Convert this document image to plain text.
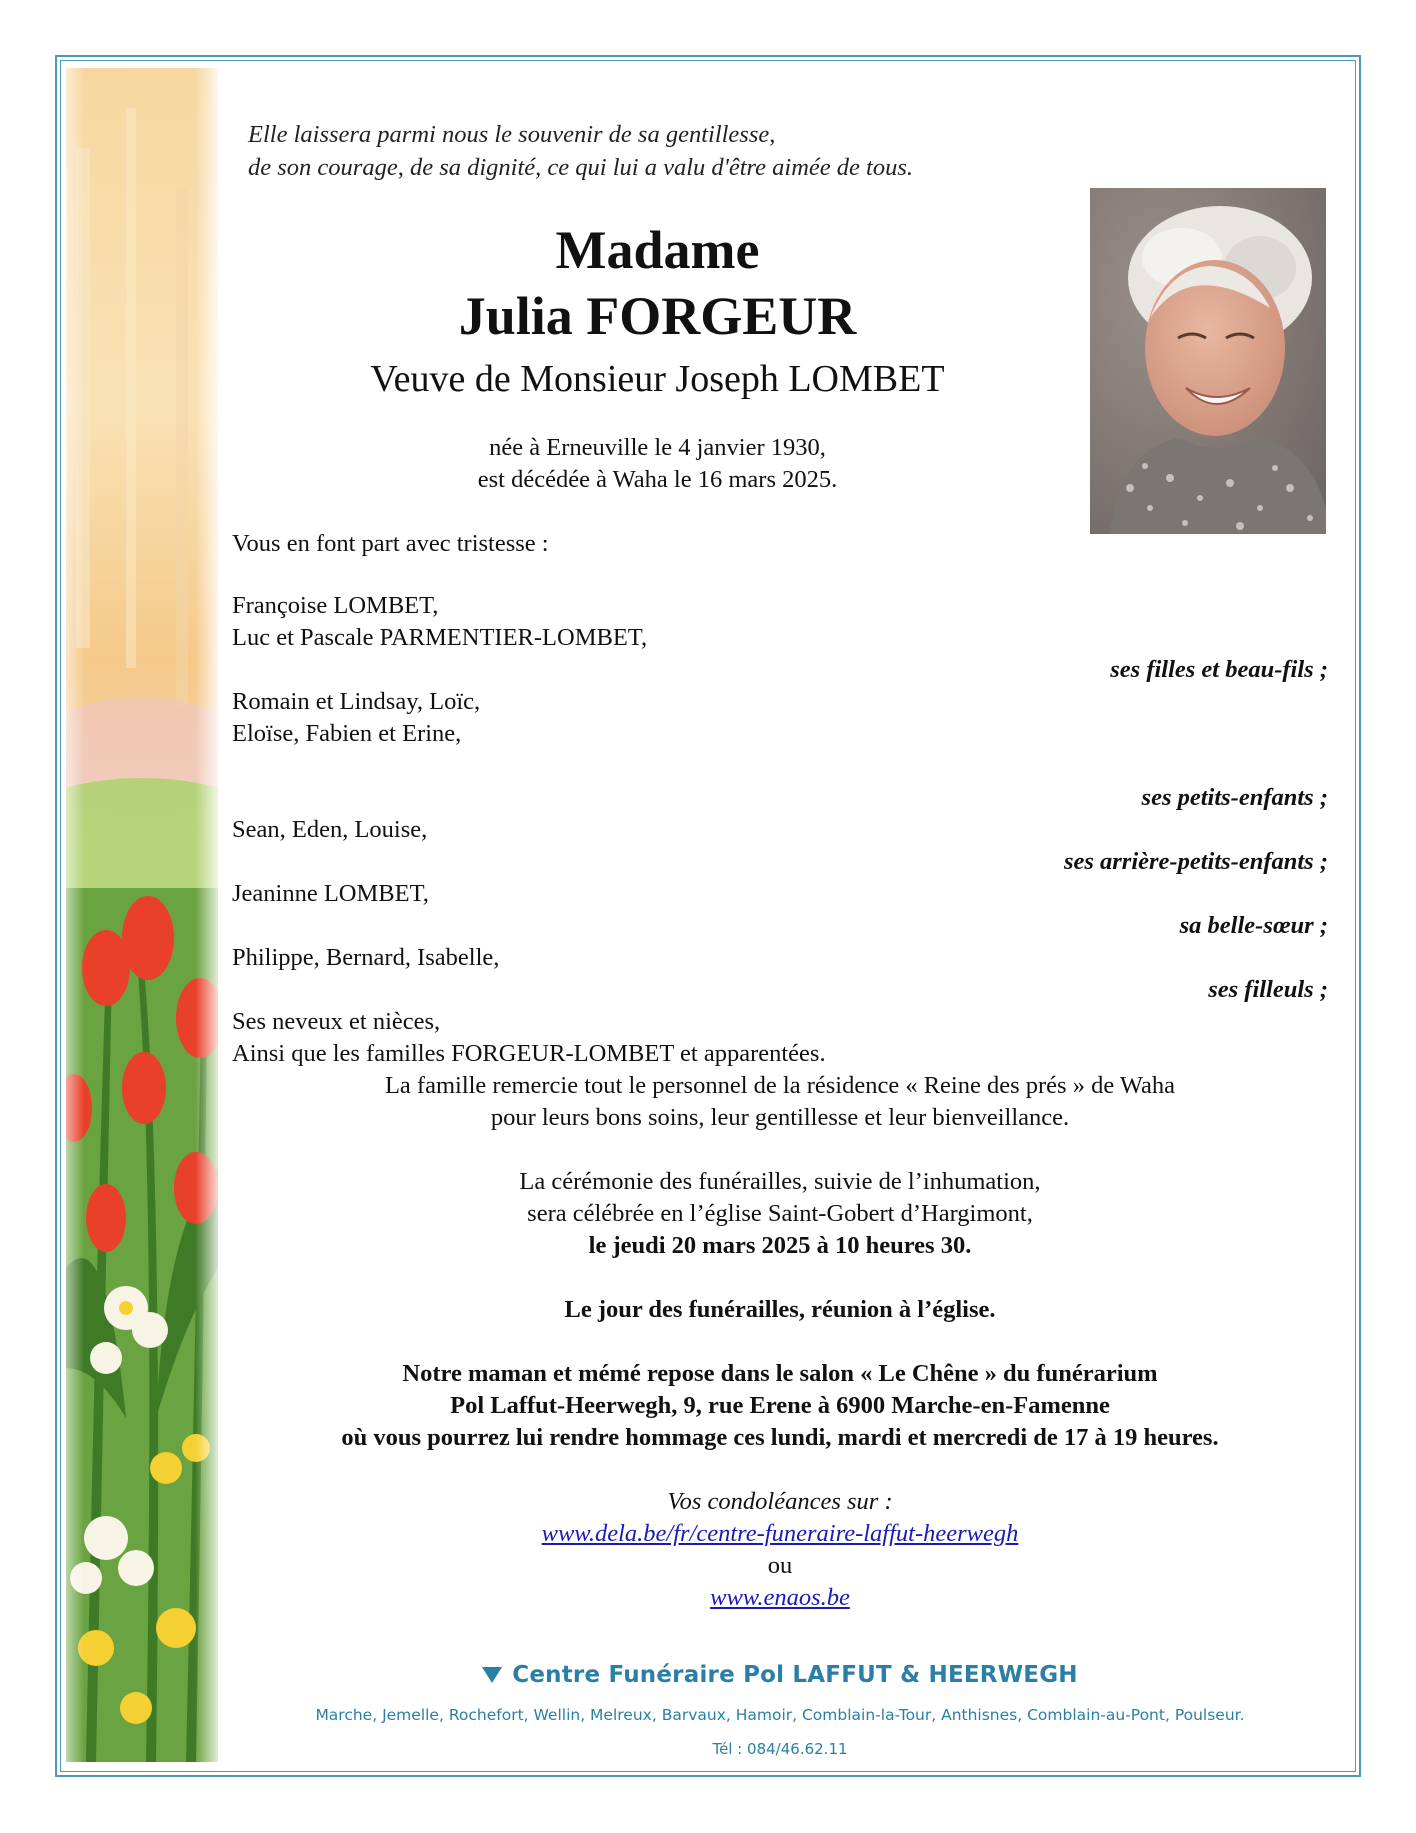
Elle laissera parmi nous le souvenir de sa gentillesse,
de son courage, de sa dignité, ce qui lui a valu d'être aimée de tous.
Madame
Julia FORGEUR
Veuve de Monsieur Joseph LOMBET
née à Erneuville le 4 janvier 1930,
est décédée à Waha le 16 mars 2025.
Vous en font part avec tristesse :
Françoise LOMBET,
Luc et Pascale PARMENTIER-LOMBET,
ses filles et beau-fils ;
Romain et Lindsay, Loïc,
Eloïse, Fabien et Erine,
ses petits-enfants ;
Sean, Eden, Louise,
ses arrière-petits-enfants ;
Jeaninne LOMBET,
sa belle-sœur ;
Philippe, Bernard, Isabelle,
ses filleuls ;
Ses neveux et nièces,
Ainsi que les familles FORGEUR-LOMBET et apparentées.
La famille remercie tout le personnel de la résidence « Reine des prés » de Waha
pour leurs bons soins, leur gentillesse et leur bienveillance.
La cérémonie des funérailles, suivie de l’inhumation,
sera célébrée en l’église Saint-Gobert d’Hargimont,
le jeudi 20 mars 2025 à 10 heures 30.
Le jour des funérailles, réunion à l’église.
Notre maman et mémé repose dans le salon « Le Chêne » du funérarium
Pol Laffut-Heerwegh, 9, rue Erene à 6900 Marche-en-Famenne
où vous pourrez lui rendre hommage ces lundi, mardi et mercredi de 17 à 19 heures.
Vos condoléances sur :
www.dela.be/fr/centre-funeraire-laffut-heerwegh
ou
www.enaos.be
Centre Funéraire Pol LAFFUT & HEERWEGH
Marche, Jemelle, Rochefort, Wellin, Melreux, Barvaux, Hamoir, Comblain-la-Tour, Anthisnes, Comblain-au-Pont, Poulseur.
Tél : 084/46.62.11
